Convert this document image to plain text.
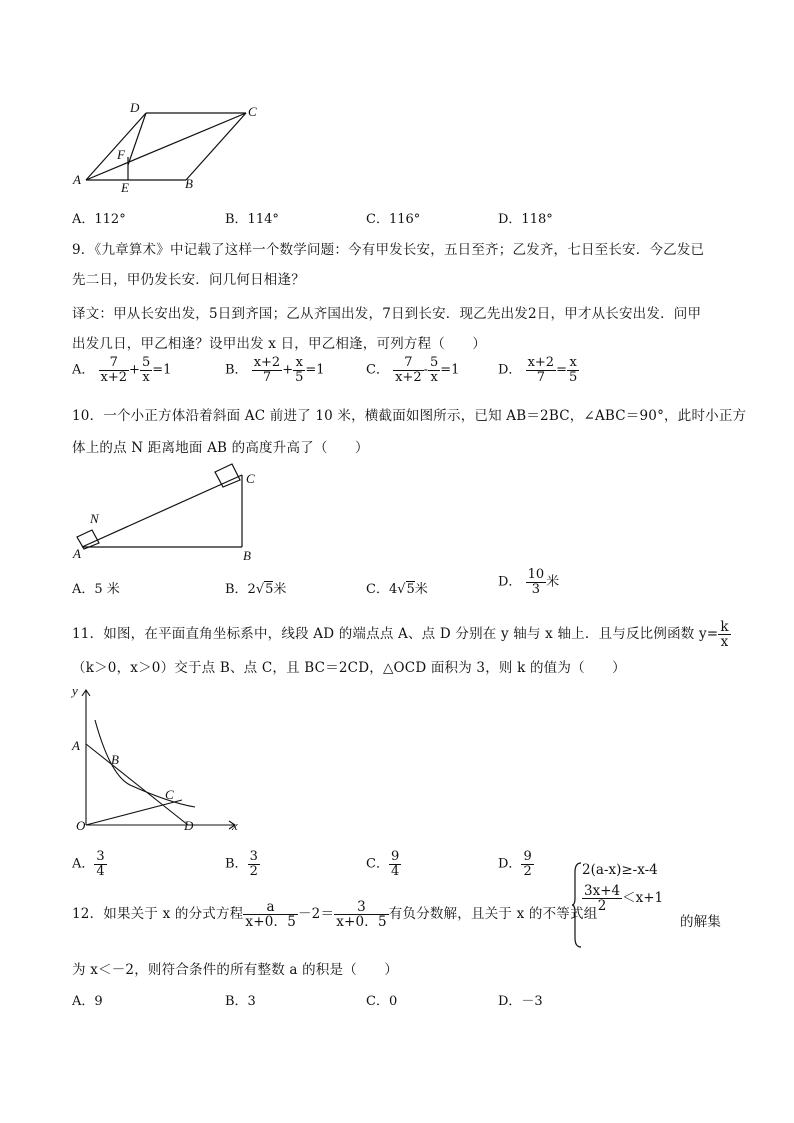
D	C
F
A
E	B
A．112°	B．114°	C．116°	D．118°
9．《九章算术》中记载了这样一个数学问题：今有甲发长安，五日至齐；乙发齐，七日至长安．今乙发已
先二日，甲仍发长安．问几何日相逢？
译文：甲从长安出发，5日到齐国；乙从齐国出发，7日到长安．现乙先出发2日，甲才从长安出发．问甲
出发几日，甲乙相逢？设甲出发 x 日，甲乙相逢，可列方程（　　）
A． $\frac{7}{x+2} + \frac{5}{x} =1$	B． $\frac{x+2}{7} + \frac{x}{5} =1$	C． $\frac{7}{x+2} - \frac{5}{x} =1$	D． $\frac{x+2}{7} = \frac{x}{5}$
10．一个小正方体沿着斜面 AC 前进了 10 米，横截面如图所示，已知 AB＝2BC，∠ABC＝90°，此时小正方
体上的点 N 距离地面 AB 的高度升高了（　　）
N
A	B
C
A．5 米	B．2√5米	C．4√5米	D． $\frac{10}{3}$ 米
11．如图，在平面直角坐标系中，线段 AD 的端点点 A、点 D 分别在 y 轴与 x 轴上．且与反比例函数 $y= \frac{k}{x}$
（k＞0，x＞0）交于点 B、点 C，且 BC＝2CD，△OCD 面积为 3，则 k 的值为（　　）
y
A
B
C
O	D	x
A． $\frac{3}{4}$	B． $\frac{3}{2}$	C． $\frac{9}{4}$	D． $\frac{9}{2}$
12．如果关于 x 的分式方程 $\frac{a}{x+0.5} -2= \frac{3}{x+0.5}$ 有负分数解，且关于 x 的不等式组
2(a-x)≥-x-4
$\frac{3x+4}{2} <x+1$
的解集
为 x＜－2，则符合条件的所有整数 a 的积是（　　）
A．9	B．3	C．0	D．－3
